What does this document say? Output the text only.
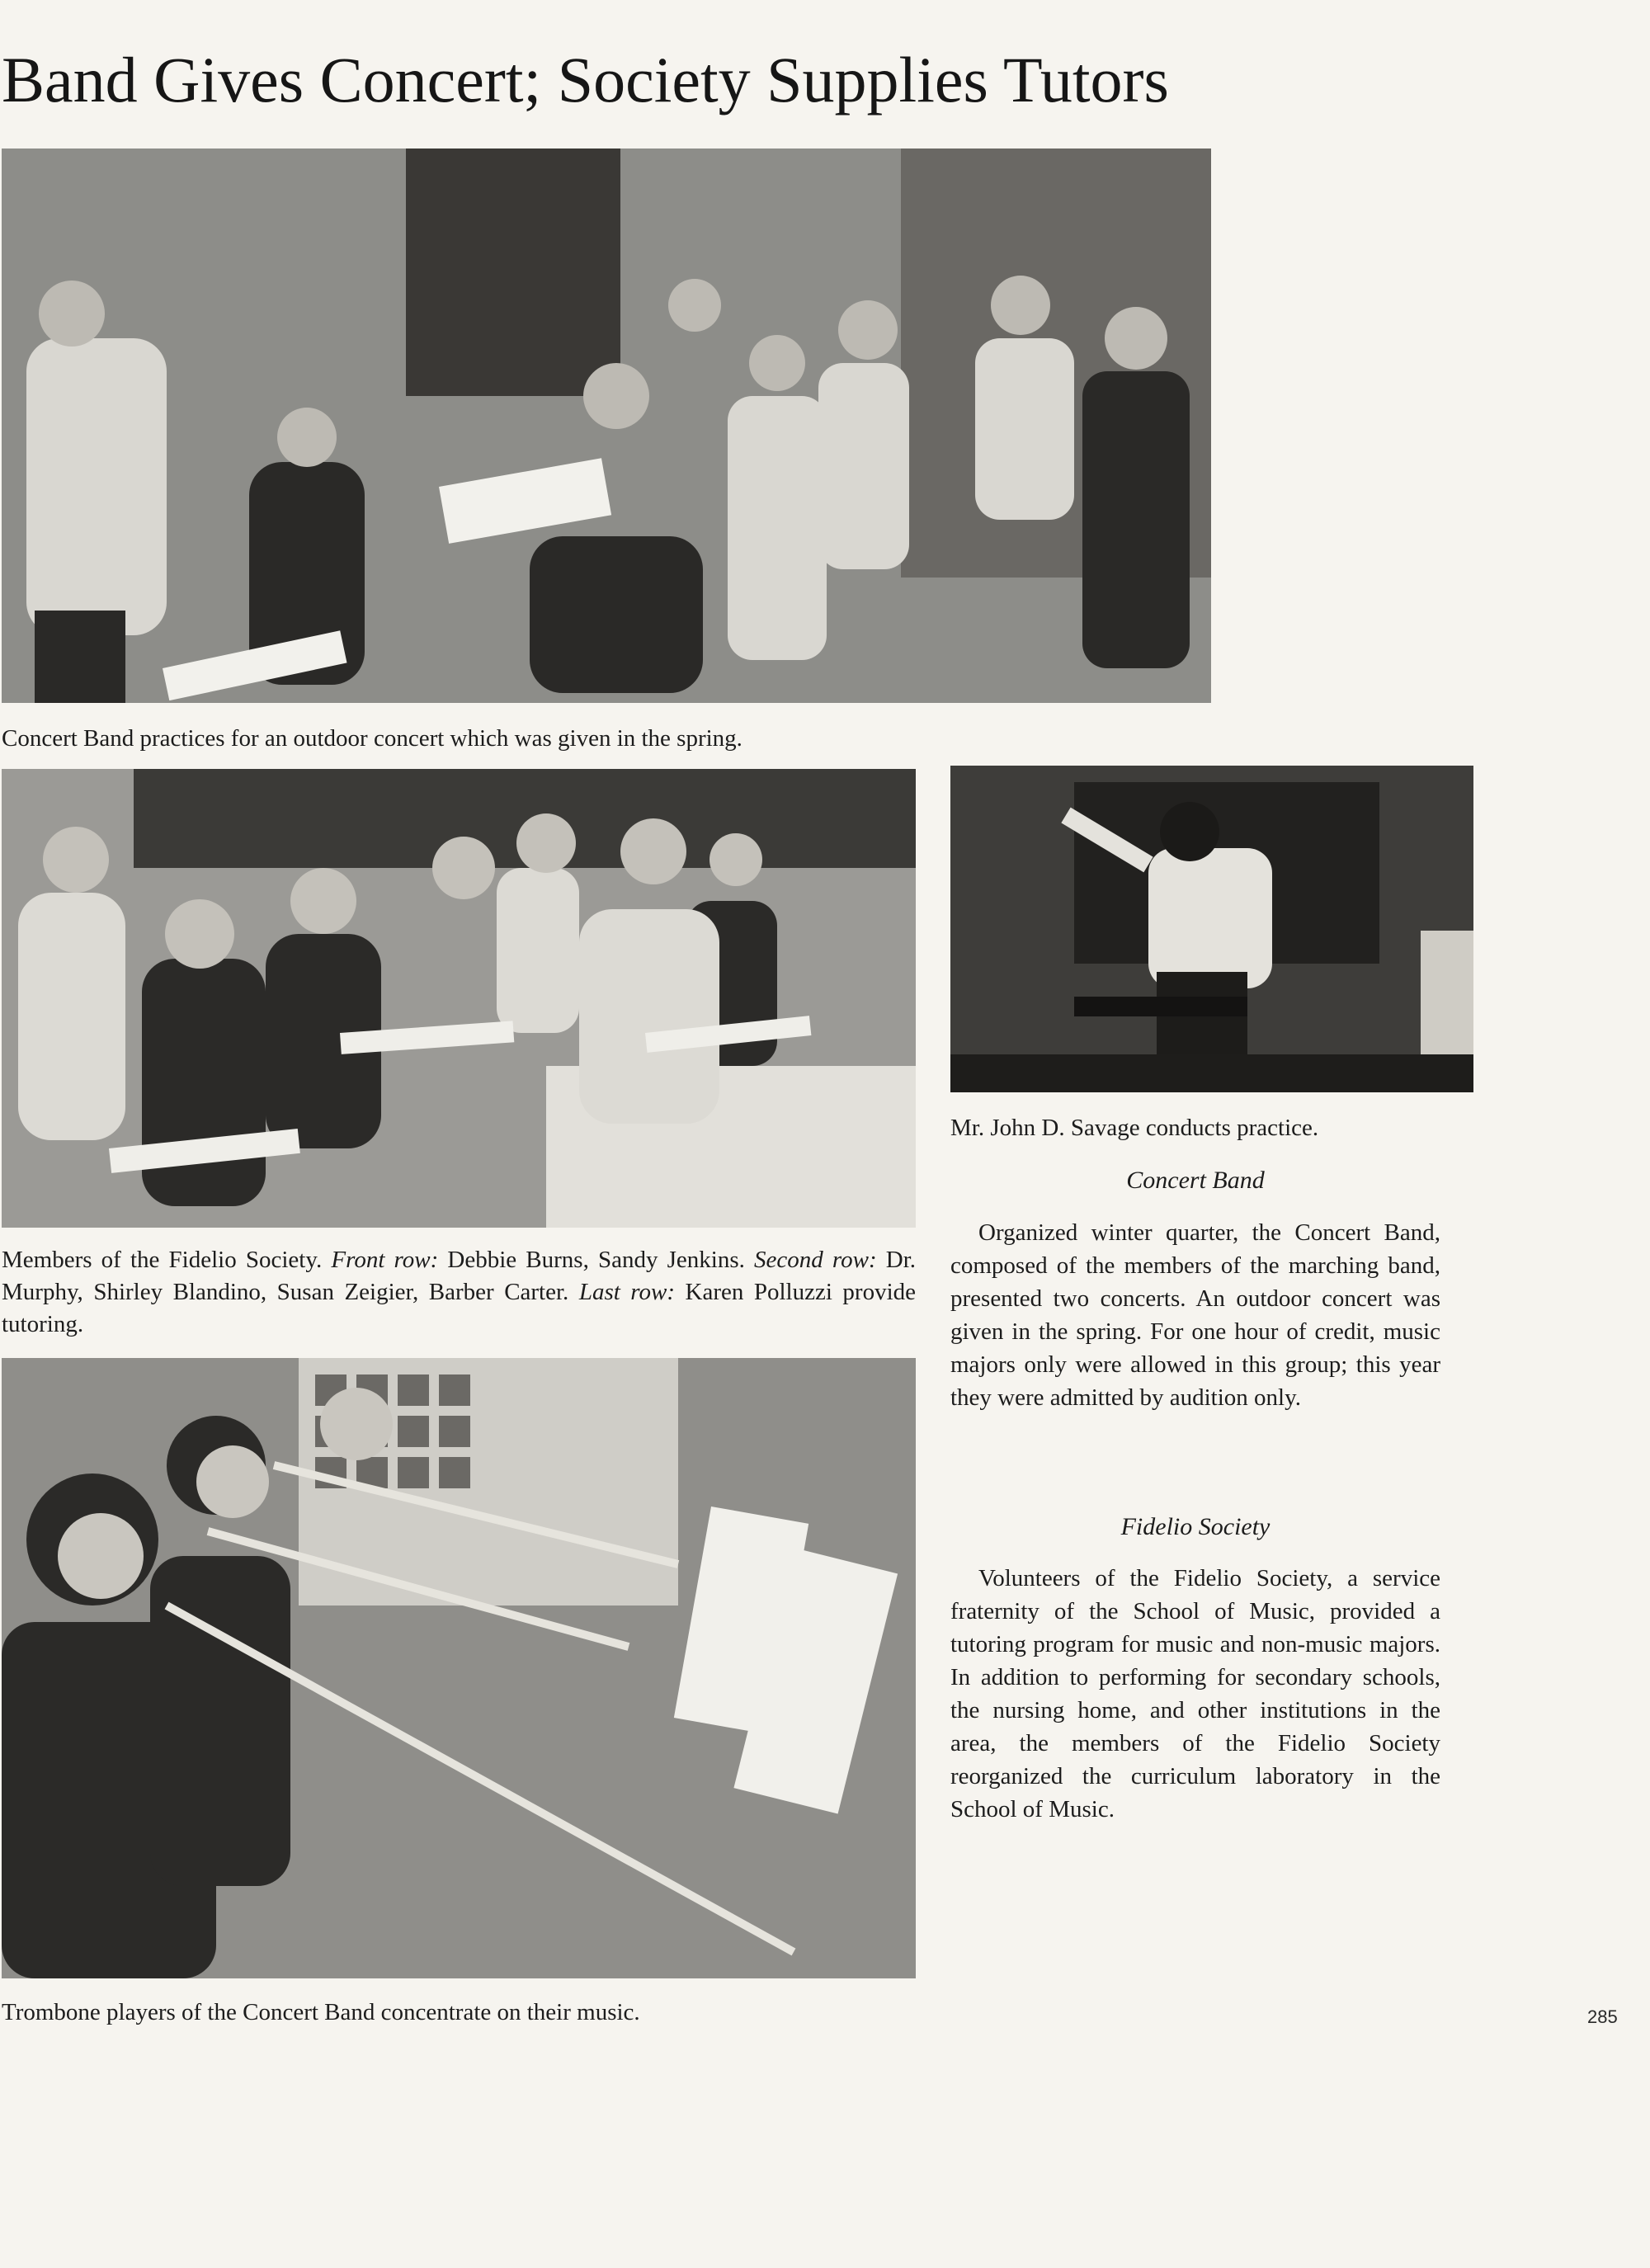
Band Gives Concert; Society Supplies Tutors
Concert Band practices for an outdoor concert which was given in the spring.
Members of the Fidelio Society. Front row: Debbie Burns, Sandy Jenkins. Second row: Dr. Murphy, Shirley Blandino, Susan Zeigier, Barber Carter. Last row: Karen Polluzzi provide tutoring.
Trombone players of the Concert Band concentrate on their music.
Mr. John D. Savage conducts practice.
Concert Band

Organized winter quarter, the Concert Band, composed of the members of the marching band, presented two concerts. An outdoor concert was given in the spring. For one hour of credit, music majors only were allowed in this group; this year they were admitted by audition only.

Fidelio Society

Volunteers of the Fidelio Society, a service fraternity of the School of Music, provided a tutoring program for music and non-music majors. In addition to performing for secondary schools, the nursing home, and other institutions in the area, the members of the Fidelio Society reorganized the curriculum laboratory in the School of Music.

285
